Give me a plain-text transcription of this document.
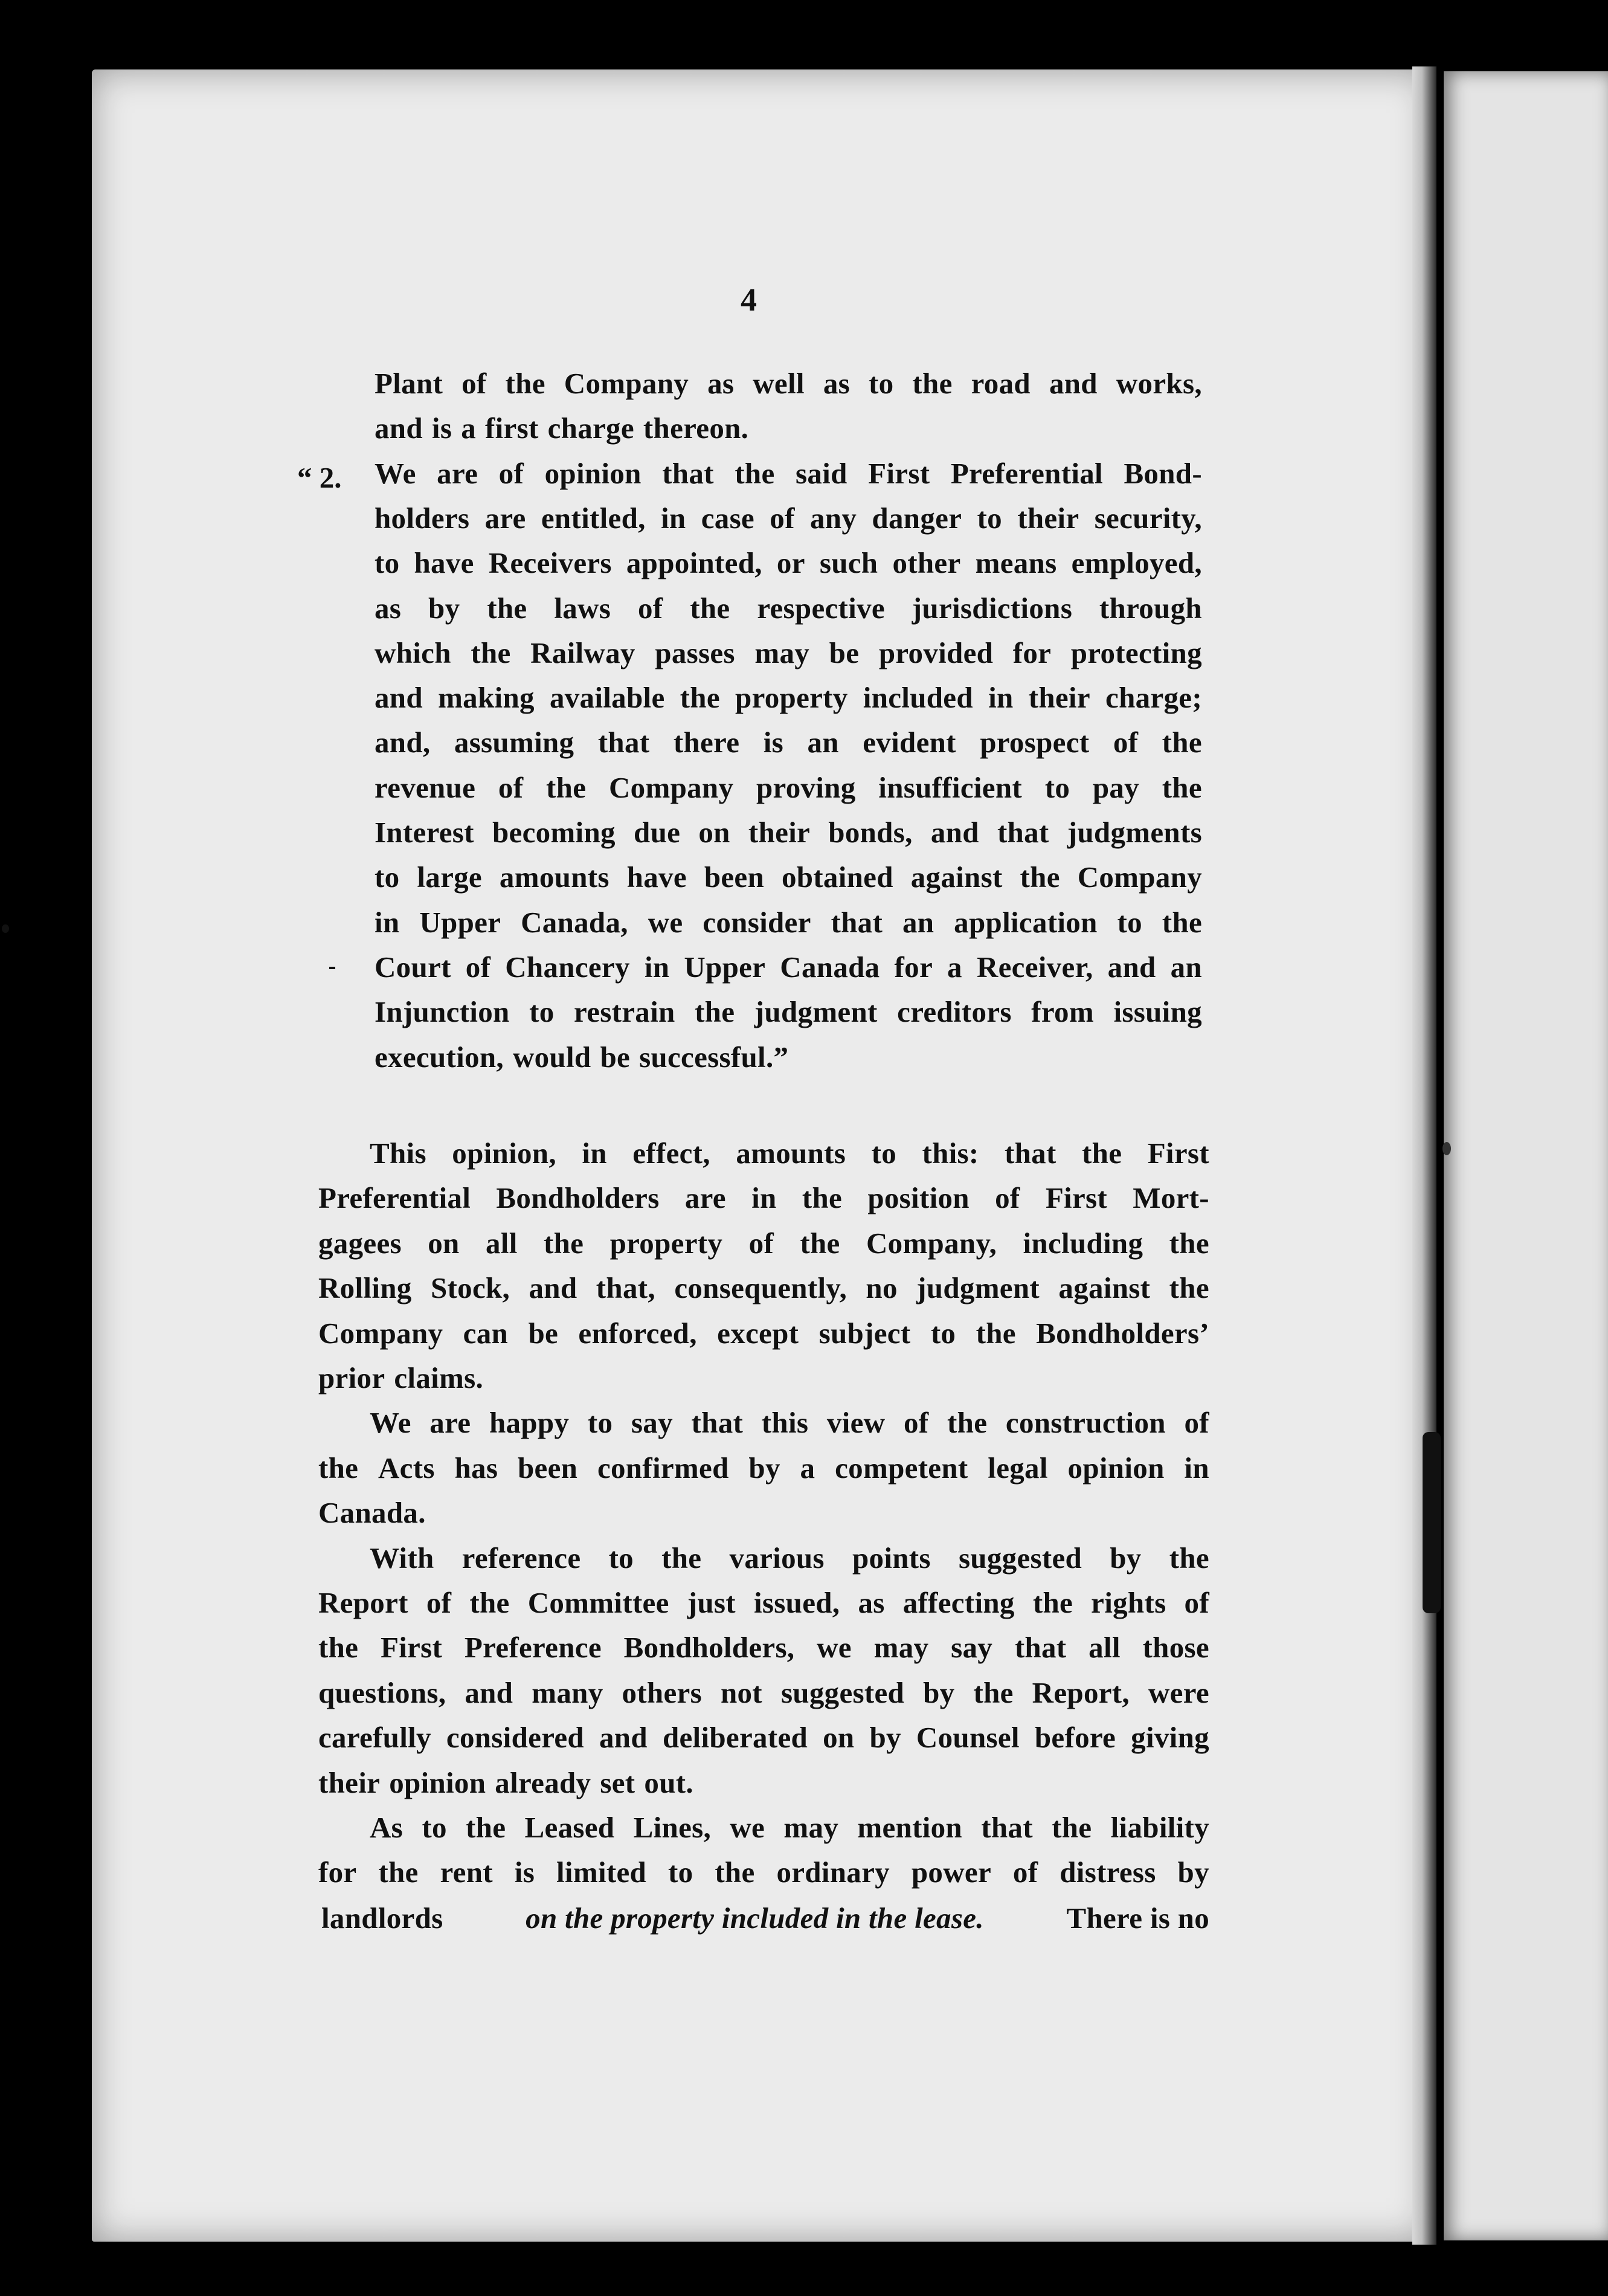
4
“ 2.
Plant of the Company as well as to the road and works,
and is a first charge thereon.
We are of opinion that the said First Preferential Bond-
holders are entitled, in case of any danger to their security,
to have Receivers appointed, or such other means employed,
as by the laws of the respective jurisdictions through
which the Railway passes may be provided for protecting
and making available the property included in their charge;
and, assuming that there is an evident prospect of the
revenue of the Company proving insufficient to pay the
Interest becoming due on their bonds, and that judgments
to large amounts have been obtained against the Company
in Upper Canada, we consider that an application to the
Court of Chancery in Upper Canada for a Receiver, and an
Injunction to restrain the judgment creditors from issuing
execution, would be successful.”
This opinion, in effect, amounts to this: that the First
Preferential Bondholders are in the position of First Mort-
gagees on all the property of the Company, including the
Rolling Stock, and that, consequently, no judgment against the
Company can be enforced, except subject to the Bondholders’
prior claims.
We are happy to say that this view of the construction of
the Acts has been confirmed by a competent legal opinion in
Canada.
With reference to the various points suggested by the
Report of the Committee just issued, as affecting the rights of
the First Preference Bondholders, we may say that all those
questions, and many others not suggested by the Report, were
carefully considered and deliberated on by Counsel before giving
their opinion already set out.
As to the Leased Lines, we may mention that the liability
for the rent is limited to the ordinary power of distress by
landlords	on the property included in the lease.	There is no
